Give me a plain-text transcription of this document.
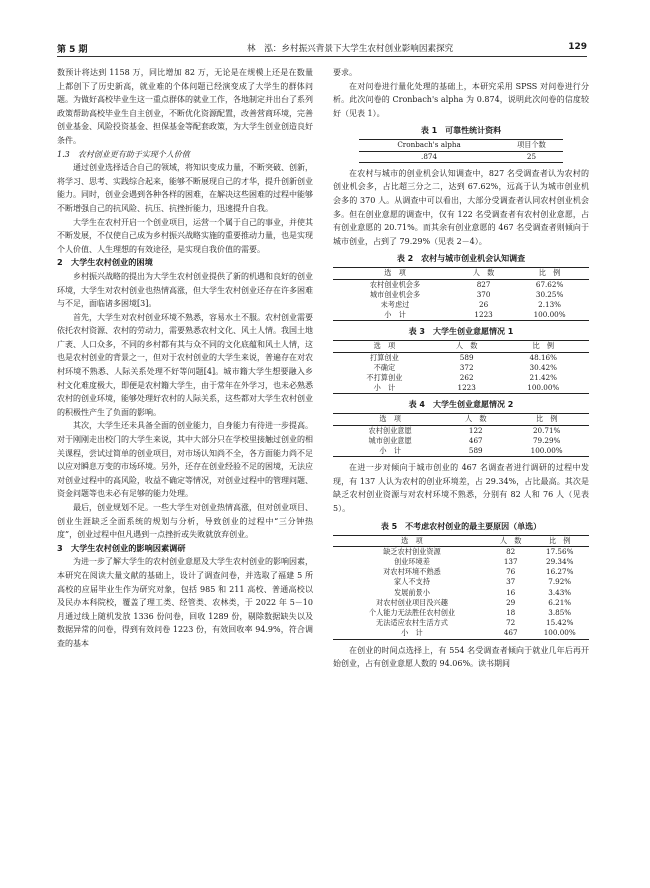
第 5 期	林　泓：乡村振兴背景下大学生农村创业影响因素探究	129

数预计将达到 1158 万，同比增加 82 万，无论是在规模上还是在数量上都创下了历史新高，就业难的个体问题已经演变成了大学生的群体问题。为做好高校毕业生这一重点群体的就业工作，各地制定并出台了系列政策帮助高校毕业生自主创业，不断优化资源配置，改善营商环境，完善创业基金、风险投资基金、担保基金等配套政策，为大学生创业创造良好条件。

1.3　农村创业更有助于实现个人价值

通过创业选择适合自己的领域，将知识变成力量，不断突破、创新，将学习、思考、实践综合起来，能够不断展现自己的才华，提升创新创业能力。同时，创业会遇到各种各样的困难，在解决这些困难的过程中能够不断增强自己的抗风险、抗压、抗挫折能力，迅速提升自我。

大学生在农村开启一个创业项目，运营一个属于自己的事业，并使其不断发展，不仅使自己成为乡村振兴战略实施的重要推动力量，也是实现个人价值、人生理想的有效途径，是实现自我价值的需要。

2　大学生农村创业的困境

乡村振兴战略的提出为大学生农村创业提供了新的机遇和良好的创业环境，大学生对农村创业也热情高涨，但大学生农村创业还存在许多困难与不足，面临诸多困境[3]。

首先，大学生对农村创业环境不熟悉，容易水土不服。农村创业需要依托农村资源、农村的劳动力，需要熟悉农村文化、风土人情。我国土地广袤、人口众多，不同的乡村都有其与众不同的文化底蕴和风土人情，这也是农村创业的背景之一，但对于农村创业的大学生来说，普遍存在对农村环境不熟悉、人际关系处理不好等问题[4]。城市籍大学生想要融入乡村文化难度极大，即便是农村籍大学生，由于常年在外学习，也未必熟悉农村的创业环境，能够处理好农村的人际关系，这些都对大学生农村创业的积极性产生了负面的影响。

其次，大学生还未具备全面的创业能力，自身能力有待进一步提高。对于刚刚走出校门的大学生来说，其中大部分只在学校里接触过创业的相关课程，尝试过简单的创业项目，对市场认知尚不全，各方面能力尚不足以应对瞬息万变的市场环境。另外，还存在创业经验不足的困境，无法应对创业过程中的高风险，收益不确定等情况，对创业过程中的管理问题、资金问题等也未必有足够的能力处理。

最后，创业规划不足。一些大学生对创业热情高涨，但对创业项目、创业生涯缺乏全面系统的规划与分析，导致创业的过程中“三分钟热度”，创业过程中但凡遇到一点挫折或失败就放弃创业。

3　大学生农村创业的影响因素调研

为进一步了解大学生的农村创业意愿及大学生农村创业的影响因素，本研究在阅读大量文献的基础上，设计了调查问卷，并选取了福建 5 所高校的应届毕业生作为研究对象，包括 985 和 211 高校、普通高校以及民办本科院校，覆盖了理工类、经管类、农林类，于 2022 年 5－10 月通过线上随机发放 1336 份问卷，回收 1289 份，剔除数据缺失以及数据异常的问卷，得到有效问卷 1223 份，有效回收率 94.9%，符合调查的基本

要求。

在对问卷进行量化处理的基础上，本研究采用 SPSS 对问卷进行分析。此次问卷的 Cronbach's alpha 为 0.874，说明此次问卷的信度较好（见表 1）。

表 1　可靠性统计资料
Cronbach's alpha	项目个数
.874	25

在农村与城市的创业机会认知调查中，827 名受调查者认为农村的创业机会多，占比超三分之二，达到 67.62%，远高于认为城市创业机会多的 370 人。从调查中可以看出，大部分受调查者认同农村创业机会多。但在创业意愿的调查中，仅有 122 名受调查者有农村创业意愿，占有创业意愿的 20.71%。而其余有创业意愿的 467 名受调查者则倾向于城市创业，占到了 79.29%（见表 2－4）。

表 2　农村与城市创业机会认知调查
选　项	人　数	比　例
农村创业机会多	827	67.62%
城市创业机会多	370	30.25%
未考虑过	26	2.13%
小　计	1223	100.00%
表 3　大学生创业意愿情况 1
选　项	人　数	比　例
打算创业	589	48.16%
不确定	372	30.42%
不打算创业	262	21.42%
小　计	1223	100.00%
表 4　大学生创业意愿情况 2
选　项	人　数	比　例
农村创业意愿	122	20.71%
城市创业意愿	467	79.29%
小　计	589	100.00%

在进一步对倾向于城市创业的 467 名调查者进行调研的过程中发现，有 137 人认为农村的创业环境差，占 29.34%，占比最高。其次是缺乏农村创业资源与对农村环境不熟悉，分别有 82 人和 76 人（见表 5）。

表 5　不考虑农村创业的最主要原因（单选）
选　项	人　数	比　例
缺乏农村创业资源	82	17.56%
创业环境差	137	29.34%
对农村环境不熟悉	76	16.27%
家人不支持	37	7.92%
发展前景小	16	3.43%
对农村创业项目没兴趣	29	6.21%
个人能力无法胜任农村创业	18	3.85%
无法适应农村生活方式	72	15.42%
小　计	467	100.00%

在创业的时间点选择上，有 554 名受调查者倾向于就业几年后再开始创业，占有创业意愿人数的 94.06%。读书期间
